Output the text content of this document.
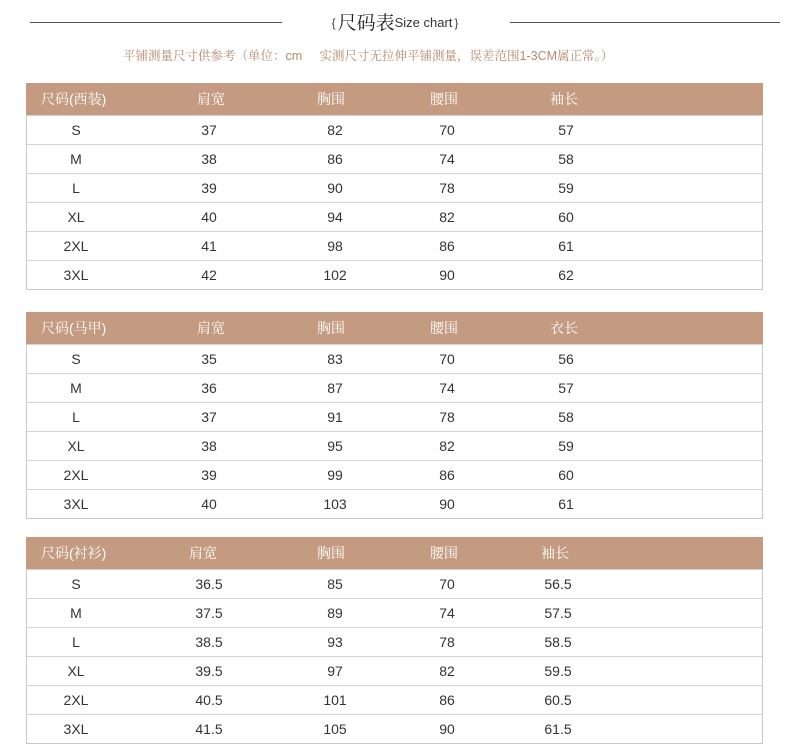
{ 尺码表Size chart }
平铺测量尺寸供参考（单位：cm     实测尺寸无拉伸平铺测量，误差范围1-3CM属正常。）
尺码(西装)	肩宽	胸围	腰围	袖长
S	37	82	70	57
M	38	86	74	58
L	39	90	78	59
XL	40	94	82	60
2XL	41	98	86	61
3XL	42	102	90	62
尺码(马甲)	肩宽	胸围	腰围	衣长
S	35	83	70	56
M	36	87	74	57
L	37	91	78	58
XL	38	95	82	59
2XL	39	99	86	60
3XL	40	103	90	61
尺码(衬衫)	肩宽	胸围	腰围	袖长
S	36.5	85	70	56.5
M	37.5	89	74	57.5
L	38.5	93	78	58.5
XL	39.5	97	82	59.5
2XL	40.5	101	86	60.5
3XL	41.5	105	90	61.5
